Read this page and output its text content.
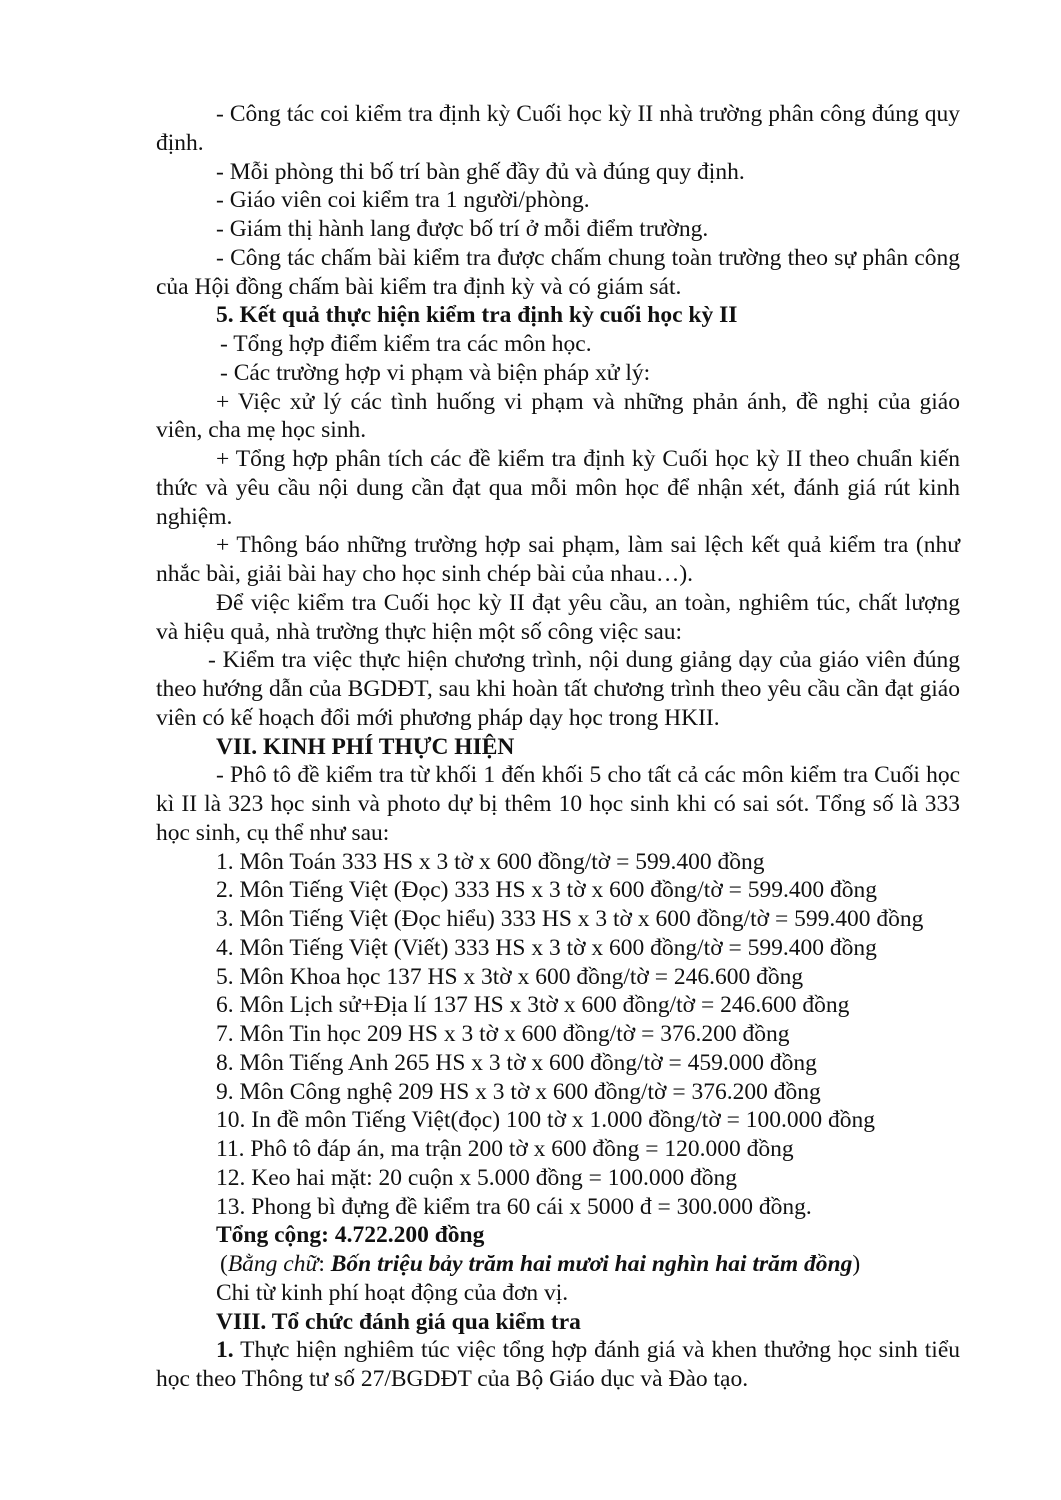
- Công tác coi kiểm tra định kỳ Cuối học kỳ II nhà trường phân công đúng quy định.

- Mỗi phòng thi bố trí bàn ghế đầy đủ và đúng quy định.

- Giáo viên coi kiểm tra 1 người/phòng.

- Giám thị hành lang được bố trí ở mỗi điểm trường.

- Công tác chấm bài kiểm tra được chấm chung toàn trường theo sự phân công của Hội đồng chấm bài kiểm tra định kỳ và có giám sát.

5. Kết quả thực hiện kiểm tra định kỳ cuối học kỳ II

- Tổng hợp điểm kiểm tra các môn học.

- Các trường hợp vi phạm và biện pháp xử lý:

+ Việc xử lý các tình huống vi phạm và những phản ánh, đề nghị của giáo viên, cha mẹ học sinh.

+ Tổng hợp phân tích các đề kiểm tra định kỳ Cuối học kỳ II theo chuẩn kiến thức và yêu cầu nội dung cần đạt qua mỗi môn học để nhận xét, đánh giá rút kinh nghiệm.

+ Thông báo những trường hợp sai phạm, làm sai lệch kết quả kiểm tra (như nhắc bài, giải bài hay cho học sinh chép bài của nhau…).

Để việc kiểm tra Cuối học kỳ II đạt yêu cầu, an toàn, nghiêm túc, chất lượng và hiệu quả, nhà trường thực hiện một số công việc sau:

- Kiểm tra việc thực hiện chương trình, nội dung giảng dạy của giáo viên đúng theo hướng dẫn của BGDĐT, sau khi hoàn tất chương trình theo yêu cầu cần đạt giáo viên có kế hoạch đổi mới phương pháp dạy học trong HKII.

VII. KINH PHÍ THỰC HIỆN

- Phô tô đề kiểm tra từ khối 1 đến khối 5 cho tất cả các môn kiểm tra Cuối học kì II là 323 học sinh và photo dự bị thêm 10 học sinh khi có sai sót. Tổng số là 333 học sinh, cụ thể như sau:

1. Môn Toán 333 HS x 3 tờ x 600 đồng/tờ = 599.400 đồng

2. Môn Tiếng Việt (Đọc) 333 HS x 3 tờ x 600 đồng/tờ = 599.400 đồng

3. Môn Tiếng Việt (Đọc hiểu) 333 HS x 3 tờ x 600 đồng/tờ = 599.400 đồng

4. Môn Tiếng Việt (Viết) 333 HS x 3 tờ x 600 đồng/tờ = 599.400 đồng

5. Môn Khoa học 137 HS x 3tờ x 600 đồng/tờ = 246.600 đồng

6. Môn Lịch sử+Địa lí 137 HS x 3tờ x 600 đồng/tờ = 246.600 đồng

7. Môn Tin học 209 HS x 3 tờ x 600 đồng/tờ = 376.200 đồng

8. Môn Tiếng Anh 265 HS x 3 tờ x 600 đồng/tờ = 459.000 đồng

9. Môn Công nghệ 209 HS x 3 tờ x 600 đồng/tờ = 376.200 đồng

10. In đề môn Tiếng Việt(đọc) 100 tờ x 1.000 đồng/tờ = 100.000 đồng

11. Phô tô đáp án, ma trận 200 tờ x 600 đồng = 120.000 đồng

12. Keo hai mặt: 20 cuộn x 5.000 đồng = 100.000 đồng

13. Phong bì đựng đề kiểm tra 60 cái x 5000 đ = 300.000 đồng.

Tổng cộng: 4.722.200 đồng

(Bằng chữ: Bốn triệu bảy trăm hai mươi hai nghìn hai trăm đồng)

Chi từ kinh phí hoạt động của đơn vị.

VIII. Tổ chức đánh giá qua kiểm tra

1. Thực hiện nghiêm túc việc tổng hợp đánh giá và khen thưởng học sinh tiểu học theo Thông tư số 27/BGDĐT của Bộ Giáo dục và Đào tạo.
